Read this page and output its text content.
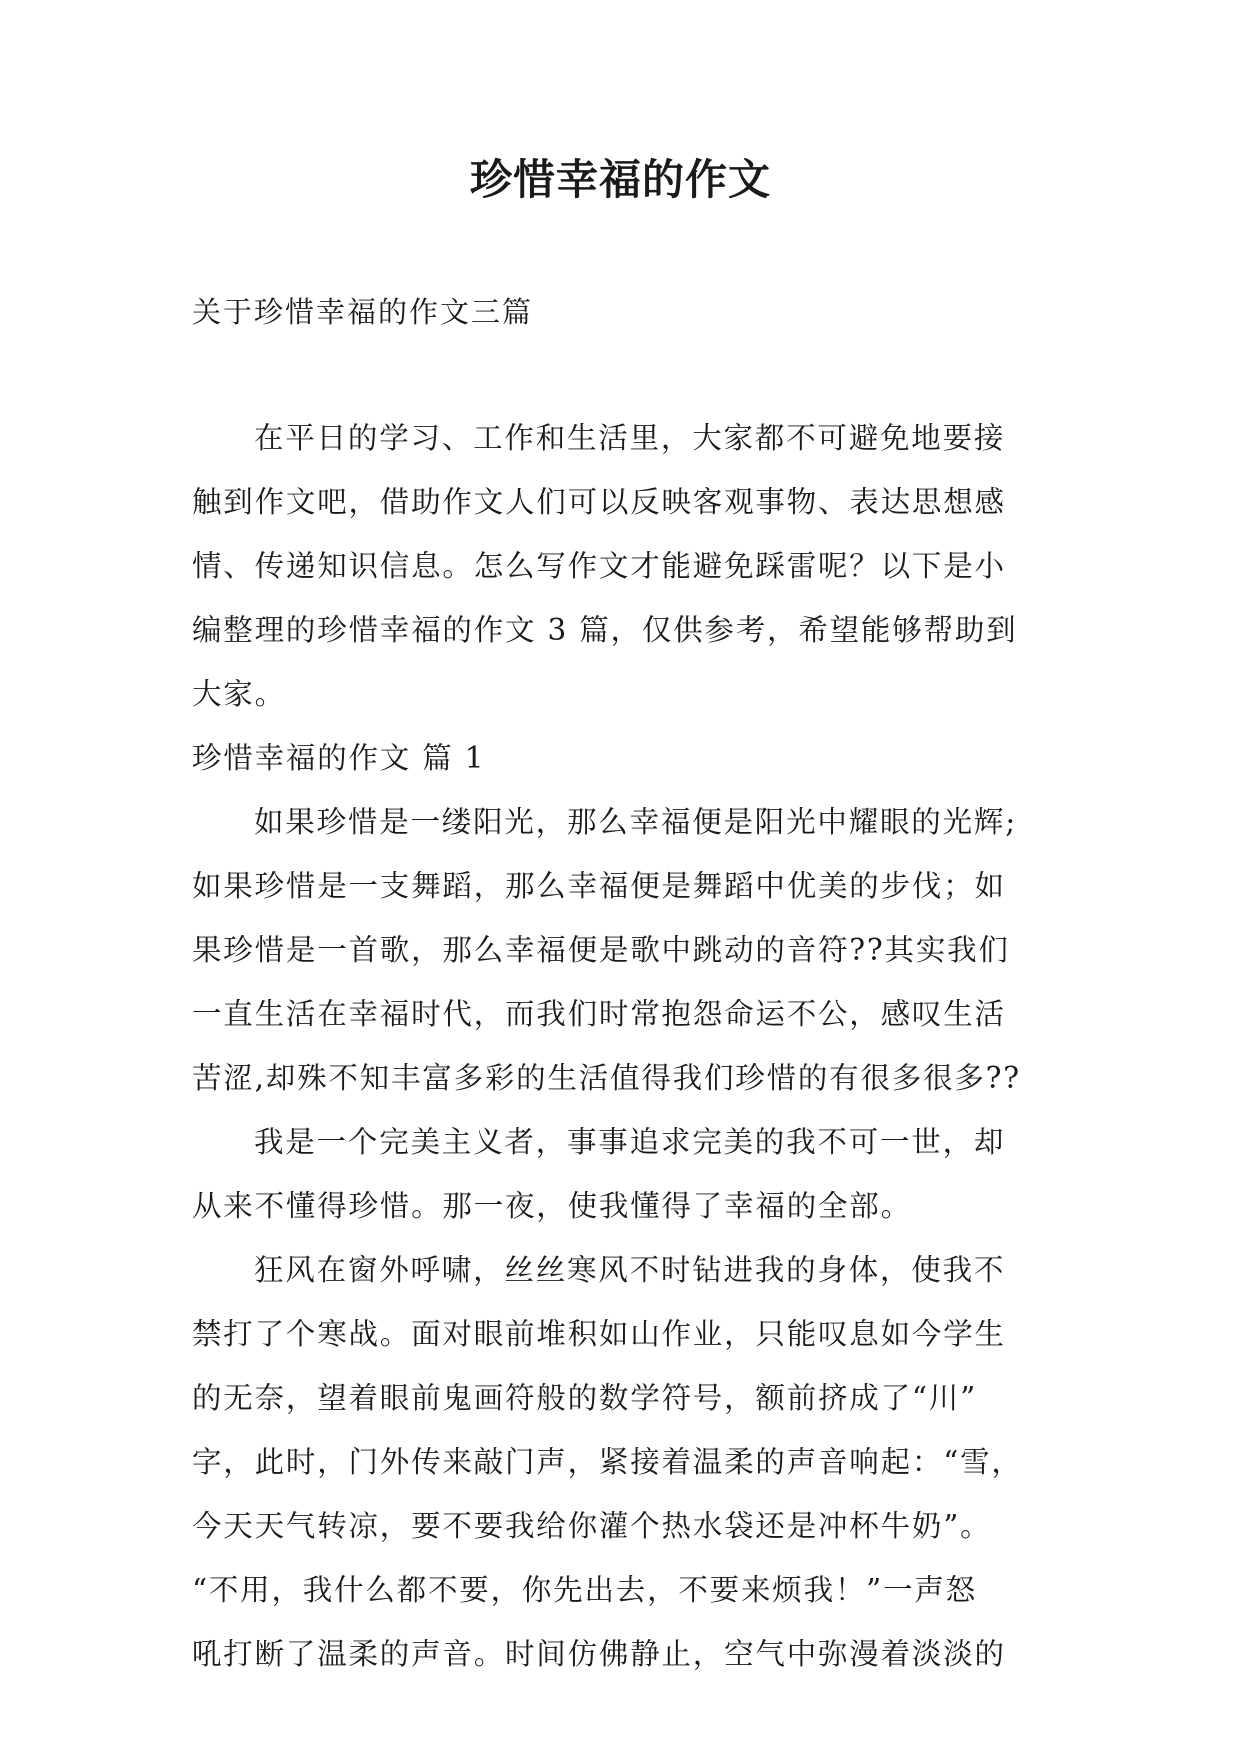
珍惜幸福的作文
关于珍惜幸福的作文三篇
在平日的学习、工作和生活里，大家都不可避免地要接
触到作文吧，借助作文人们可以反映客观事物、表达思想感
情、传递知识信息。怎么写作文才能避免踩雷呢？以下是小
编整理的珍惜幸福的作文 3 篇，仅供参考，希望能够帮助到
大家。
珍惜幸福的作文 篇 1
如果珍惜是一缕阳光，那么幸福便是阳光中耀眼的光辉;
如果珍惜是一支舞蹈，那么幸福便是舞蹈中优美的步伐；如
果珍惜是一首歌，那么幸福便是歌中跳动的音符??其实我们
一直生活在幸福时代，而我们时常抱怨命运不公，感叹生活
苦涩,却殊不知丰富多彩的生活值得我们珍惜的有很多很多??
我是一个完美主义者，事事追求完美的我不可一世，却
从来不懂得珍惜。那一夜，使我懂得了幸福的全部。
狂风在窗外呼啸，丝丝寒风不时钻进我的身体，使我不
禁打了个寒战。面对眼前堆积如山作业，只能叹息如今学生
的无奈，望着眼前鬼画符般的数学符号，额前挤成了“川”
字，此时，门外传来敲门声，紧接着温柔的声音响起：“雪，
今天天气转凉，要不要我给你灌个热水袋还是冲杯牛奶”。
“不用，我什么都不要，你先出去，不要来烦我！”一声怒
吼打断了温柔的声音。时间仿佛静止，空气中弥漫着淡淡的
